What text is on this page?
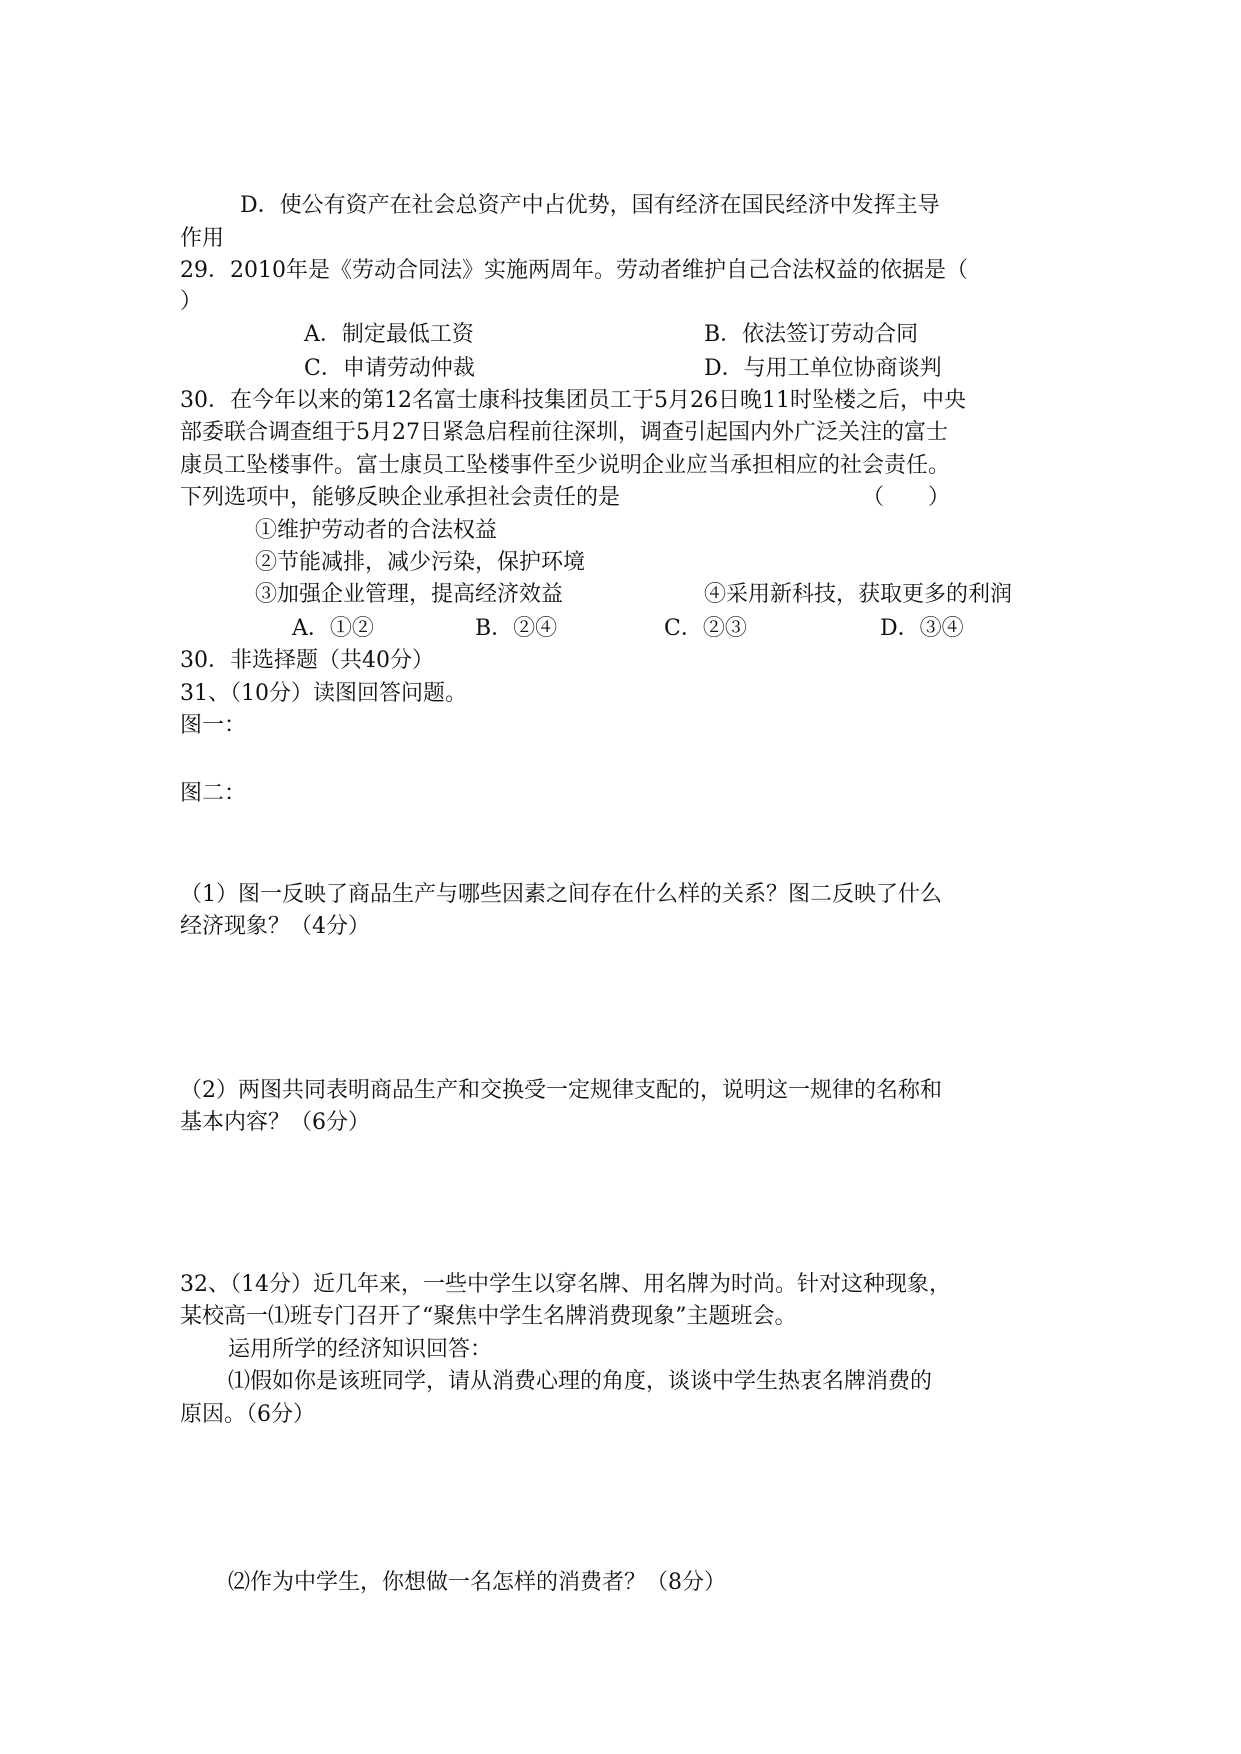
D．使公有资产在社会总资产中占优势，国有经济在国民经济中发挥主导
作用
29．2010年是《劳动合同法》实施两周年。劳动者维护自己合法权益的依据是（
）
A．制定最低工资	B．依法签订劳动合同
C．申请劳动仲裁	D．与用工单位协商谈判
30．在今年以来的第12名富士康科技集团员工于5月26日晚11时坠楼之后，中央
部委联合调查组于5月27日紧急启程前往深圳，调查引起国内外广泛关注的富士
康员工坠楼事件。富士康员工坠楼事件至少说明企业应当承担相应的社会责任。
下列选项中，能够反映企业承担社会责任的是	（　　）
①维护劳动者的合法权益
②节能减排，减少污染，保护环境
③加强企业管理，提高经济效益	④采用新科技，获取更多的利润
A．①②	B．②④	C．②③	D．③④
30．非选择题（共40分）
31、（10分）读图回答问题。
图一：
图二：
（1）图一反映了商品生产与哪些因素之间存在什么样的关系？图二反映了什么
经济现象？（4分）
（2）两图共同表明商品生产和交换受一定规律支配的，说明这一规律的名称和
基本内容？（6分）
32、（14分）近几年来，一些中学生以穿名牌、用名牌为时尚。针对这种现象，
某校高一⑴班专门召开了“聚焦中学生名牌消费现象”主题班会。
运用所学的经济知识回答：
⑴假如你是该班同学，请从消费心理的角度，谈谈中学生热衷名牌消费的
原因。（6分）
⑵作为中学生，你想做一名怎样的消费者？（8分）
